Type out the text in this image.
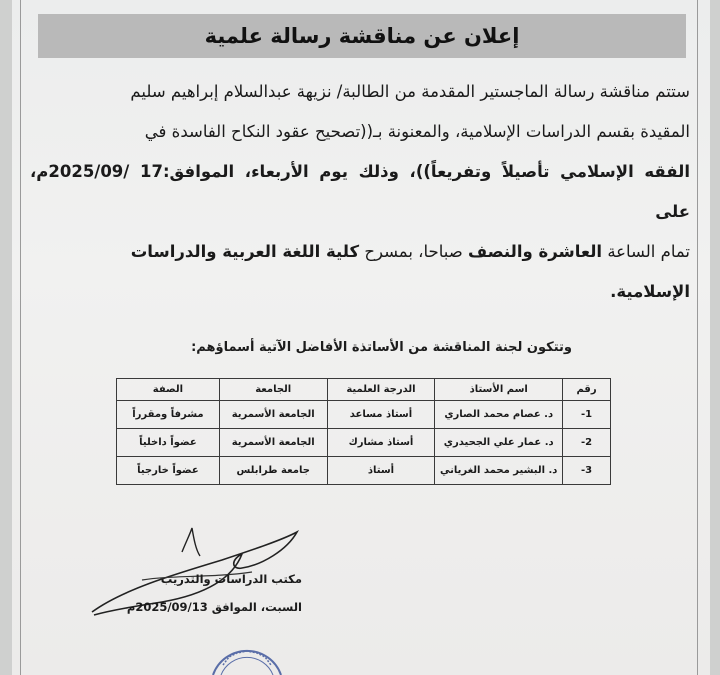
إعلان عن مناقشة رسالة علمية
ستتم مناقشة رسالة الماجستير المقدمة من الطالبة/ نزيهة عبدالسلام إبراهيم سليم
المقيدة بقسم الدراسات الإسلامية، والمعنونة بـ((تصحيح عقود النكاح الفاسدة في
الفقه الإسلامي تأصيلاً وتفريعاً))، وذلك يوم الأربعاء، الموافق:17 /2025/09م، على
تمام الساعة العاشرة والنصف صباحا، بمسرح كلية اللغة العربية والدراسات
الإسلامية.
وتتكون لجنة المناقشة من الأساتذة الأفاضل الآتية أسماؤهم:
رقم	اسم الأستاذ	الدرجة العلمية	الجامعة	الصفة
1-	د. عصام محمد الصاري	أستاذ مساعد	الجامعة الأسمرية	مشرفاً ومقرراً
2-	د. عمار علي الجحيدري	أستاذ مشارك	الجامعة الأسمرية	عضواً داخلياً
3-	د. البشير محمد الغرياني	أستاذ	جامعة طرابلس	عضواً خارجياً
مكتب الدراسات والتدريب
السبت، الموافق 2025/09/13م
